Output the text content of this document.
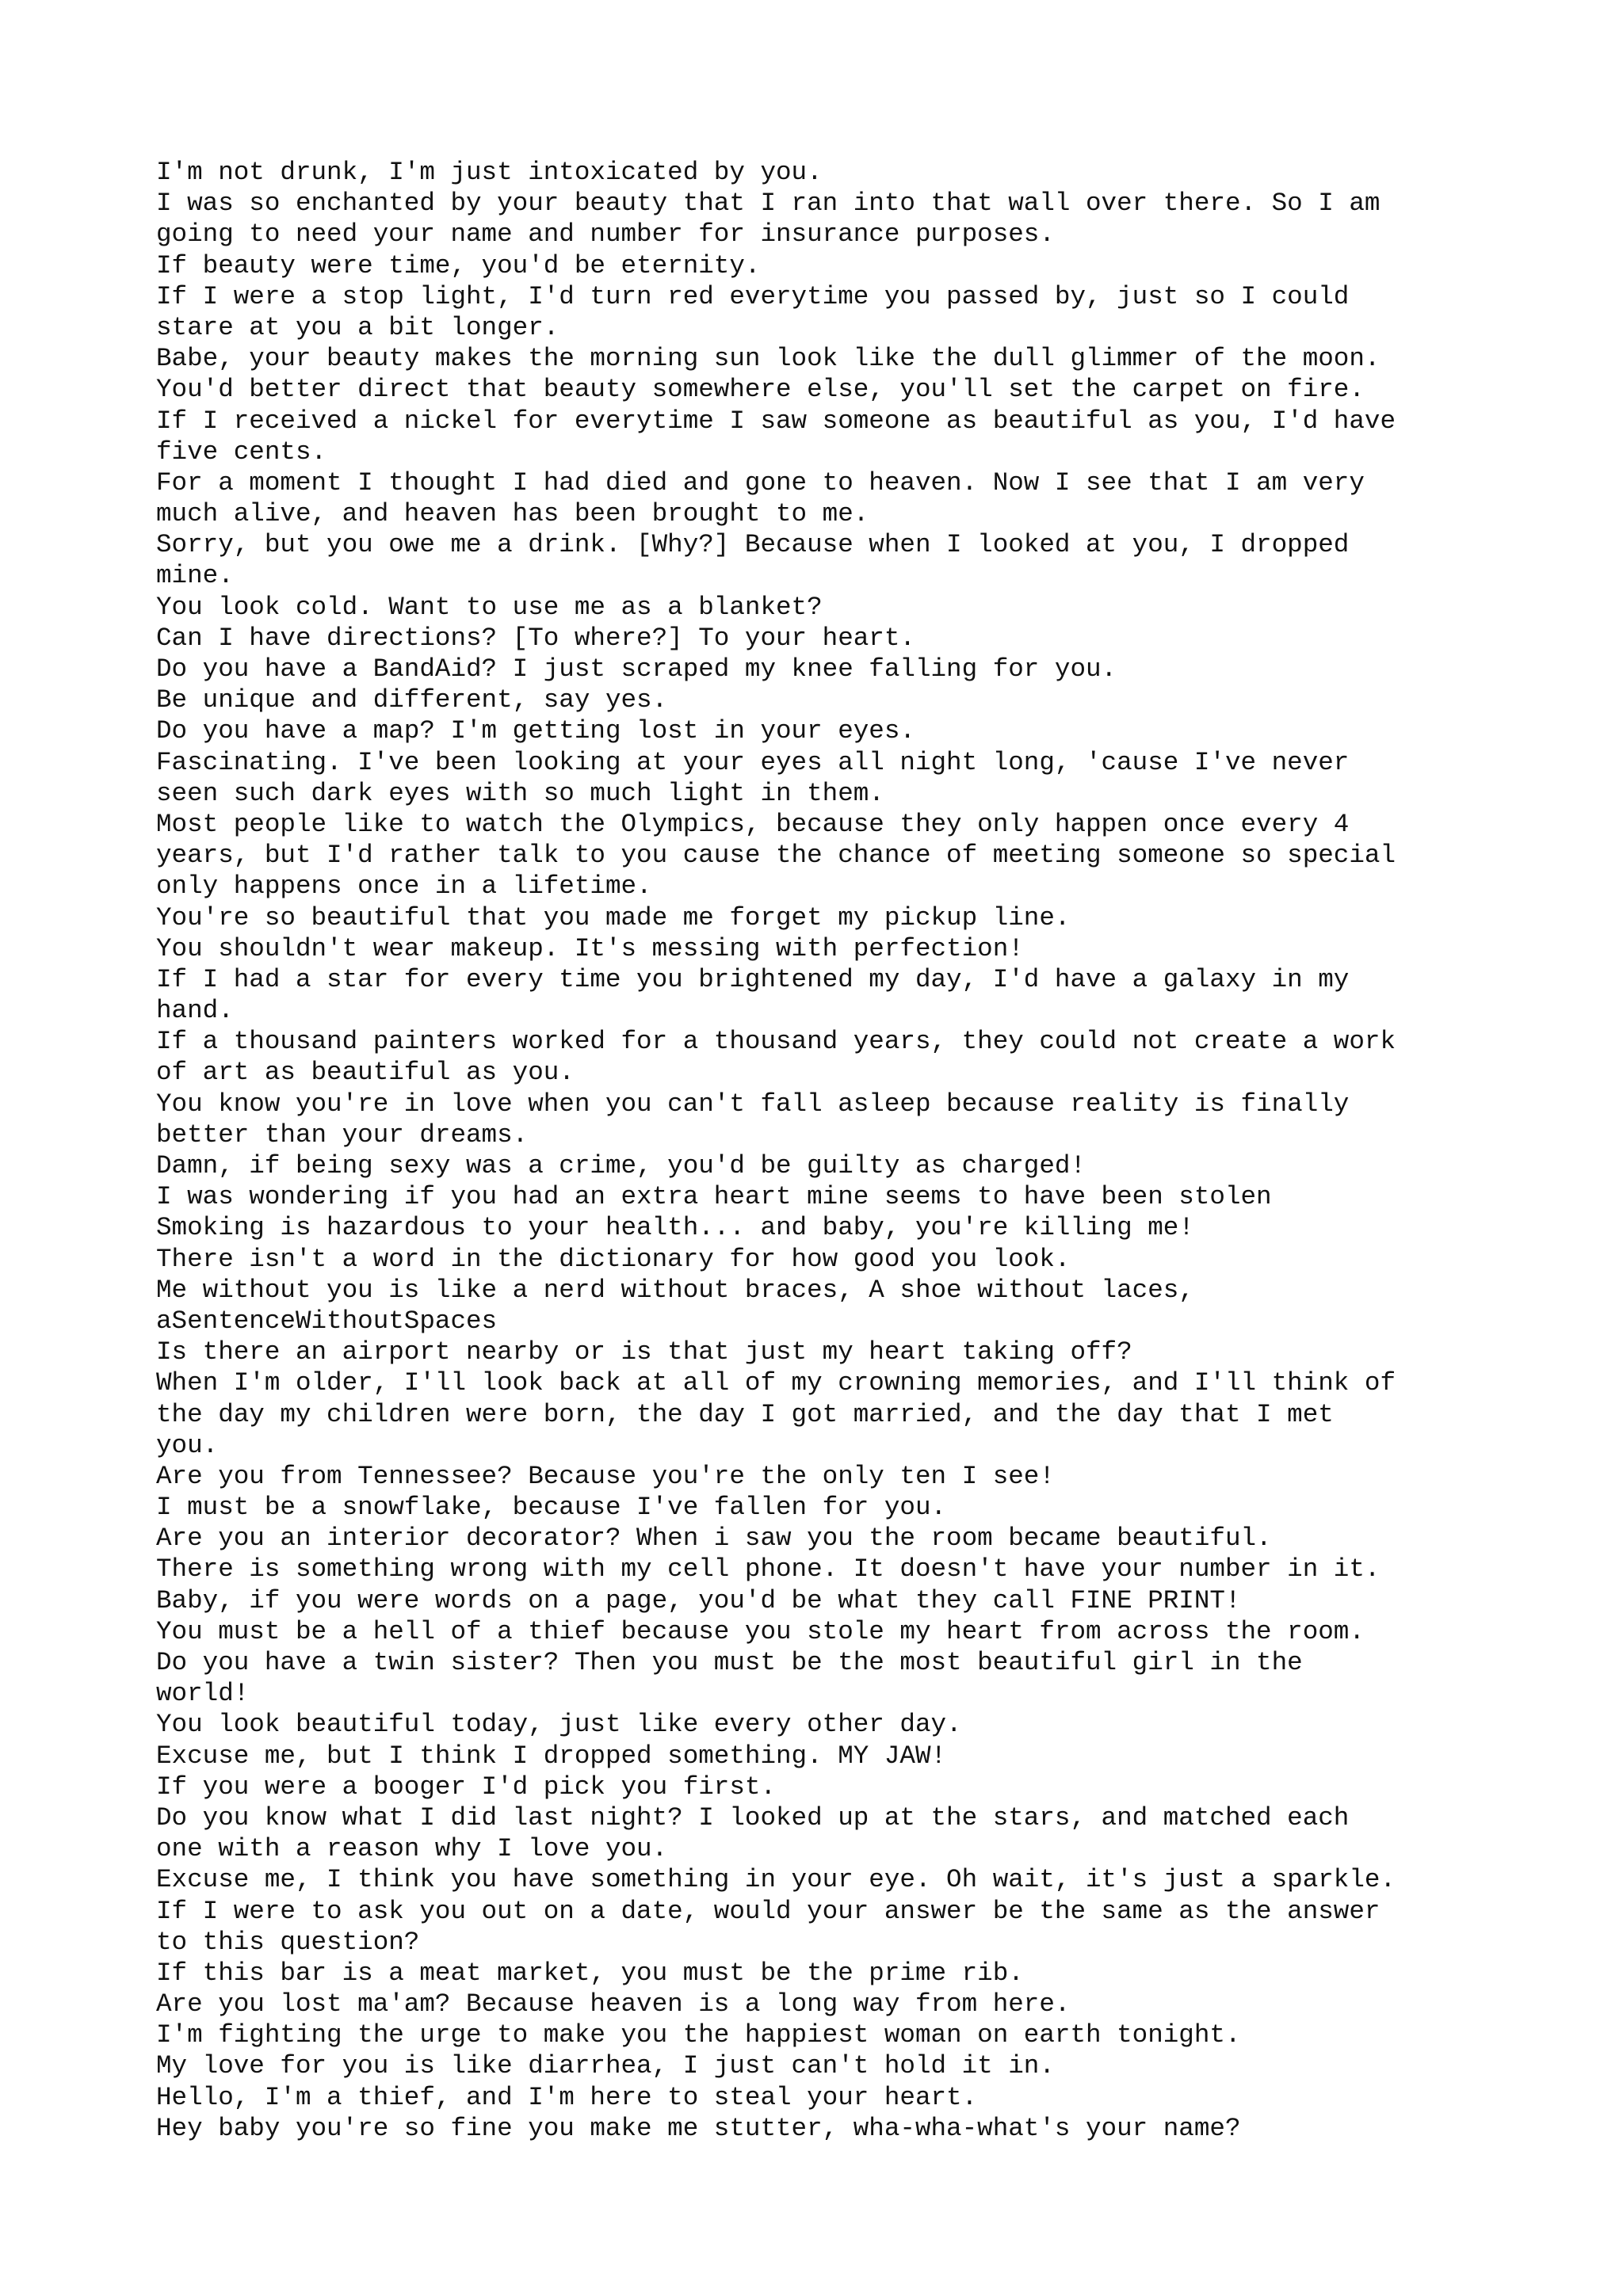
I'm not drunk, I'm just intoxicated by you.
I was so enchanted by your beauty that I ran into that wall over there. So I am
going to need your name and number for insurance purposes.
If beauty were time, you'd be eternity.
If I were a stop light, I'd turn red everytime you passed by, just so I could
stare at you a bit longer.
Babe, your beauty makes the morning sun look like the dull glimmer of the moon.
You'd better direct that beauty somewhere else, you'll set the carpet on fire.
If I received a nickel for everytime I saw someone as beautiful as you, I'd have
five cents.
For a moment I thought I had died and gone to heaven. Now I see that I am very
much alive, and heaven has been brought to me.
Sorry, but you owe me a drink. [Why?] Because when I looked at you, I dropped
mine.
You look cold. Want to use me as a blanket?
Can I have directions? [To where?] To your heart.
Do you have a BandAid? I just scraped my knee falling for you.
Be unique and different, say yes.
Do you have a map? I'm getting lost in your eyes.
Fascinating. I've been looking at your eyes all night long, 'cause I've never
seen such dark eyes with so much light in them.
Most people like to watch the Olympics, because they only happen once every 4
years, but I'd rather talk to you cause the chance of meeting someone so special
only happens once in a lifetime.
You're so beautiful that you made me forget my pickup line.
You shouldn't wear makeup. It's messing with perfection!
If I had a star for every time you brightened my day, I'd have a galaxy in my
hand.
If a thousand painters worked for a thousand years, they could not create a work
of art as beautiful as you.
You know you're in love when you can't fall asleep because reality is finally
better than your dreams.
Damn, if being sexy was a crime, you'd be guilty as charged!
I was wondering if you had an extra heart mine seems to have been stolen
Smoking is hazardous to your health... and baby, you're killing me!
There isn't a word in the dictionary for how good you look.
Me without you is like a nerd without braces, A shoe without laces,
aSentenceWithoutSpaces
Is there an airport nearby or is that just my heart taking off?
When I'm older, I'll look back at all of my crowning memories, and I'll think of
the day my children were born, the day I got married, and the day that I met
you.
Are you from Tennessee? Because you're the only ten I see!
I must be a snowflake, because I've fallen for you.
Are you an interior decorator? When i saw you the room became beautiful.
There is something wrong with my cell phone. It doesn't have your number in it.
Baby, if you were words on a page, you'd be what they call FINE PRINT!
You must be a hell of a thief because you stole my heart from across the room.
Do you have a twin sister? Then you must be the most beautiful girl in the
world!
You look beautiful today, just like every other day.
Excuse me, but I think I dropped something. MY JAW!
If you were a booger I'd pick you first.
Do you know what I did last night? I looked up at the stars, and matched each
one with a reason why I love you.
Excuse me, I think you have something in your eye. Oh wait, it's just a sparkle.
If I were to ask you out on a date, would your answer be the same as the answer
to this question?
If this bar is a meat market, you must be the prime rib.
Are you lost ma'am? Because heaven is a long way from here.
I'm fighting the urge to make you the happiest woman on earth tonight.
My love for you is like diarrhea, I just can't hold it in.
Hello, I'm a thief, and I'm here to steal your heart.
Hey baby you're so fine you make me stutter, wha-wha-what's your name?
